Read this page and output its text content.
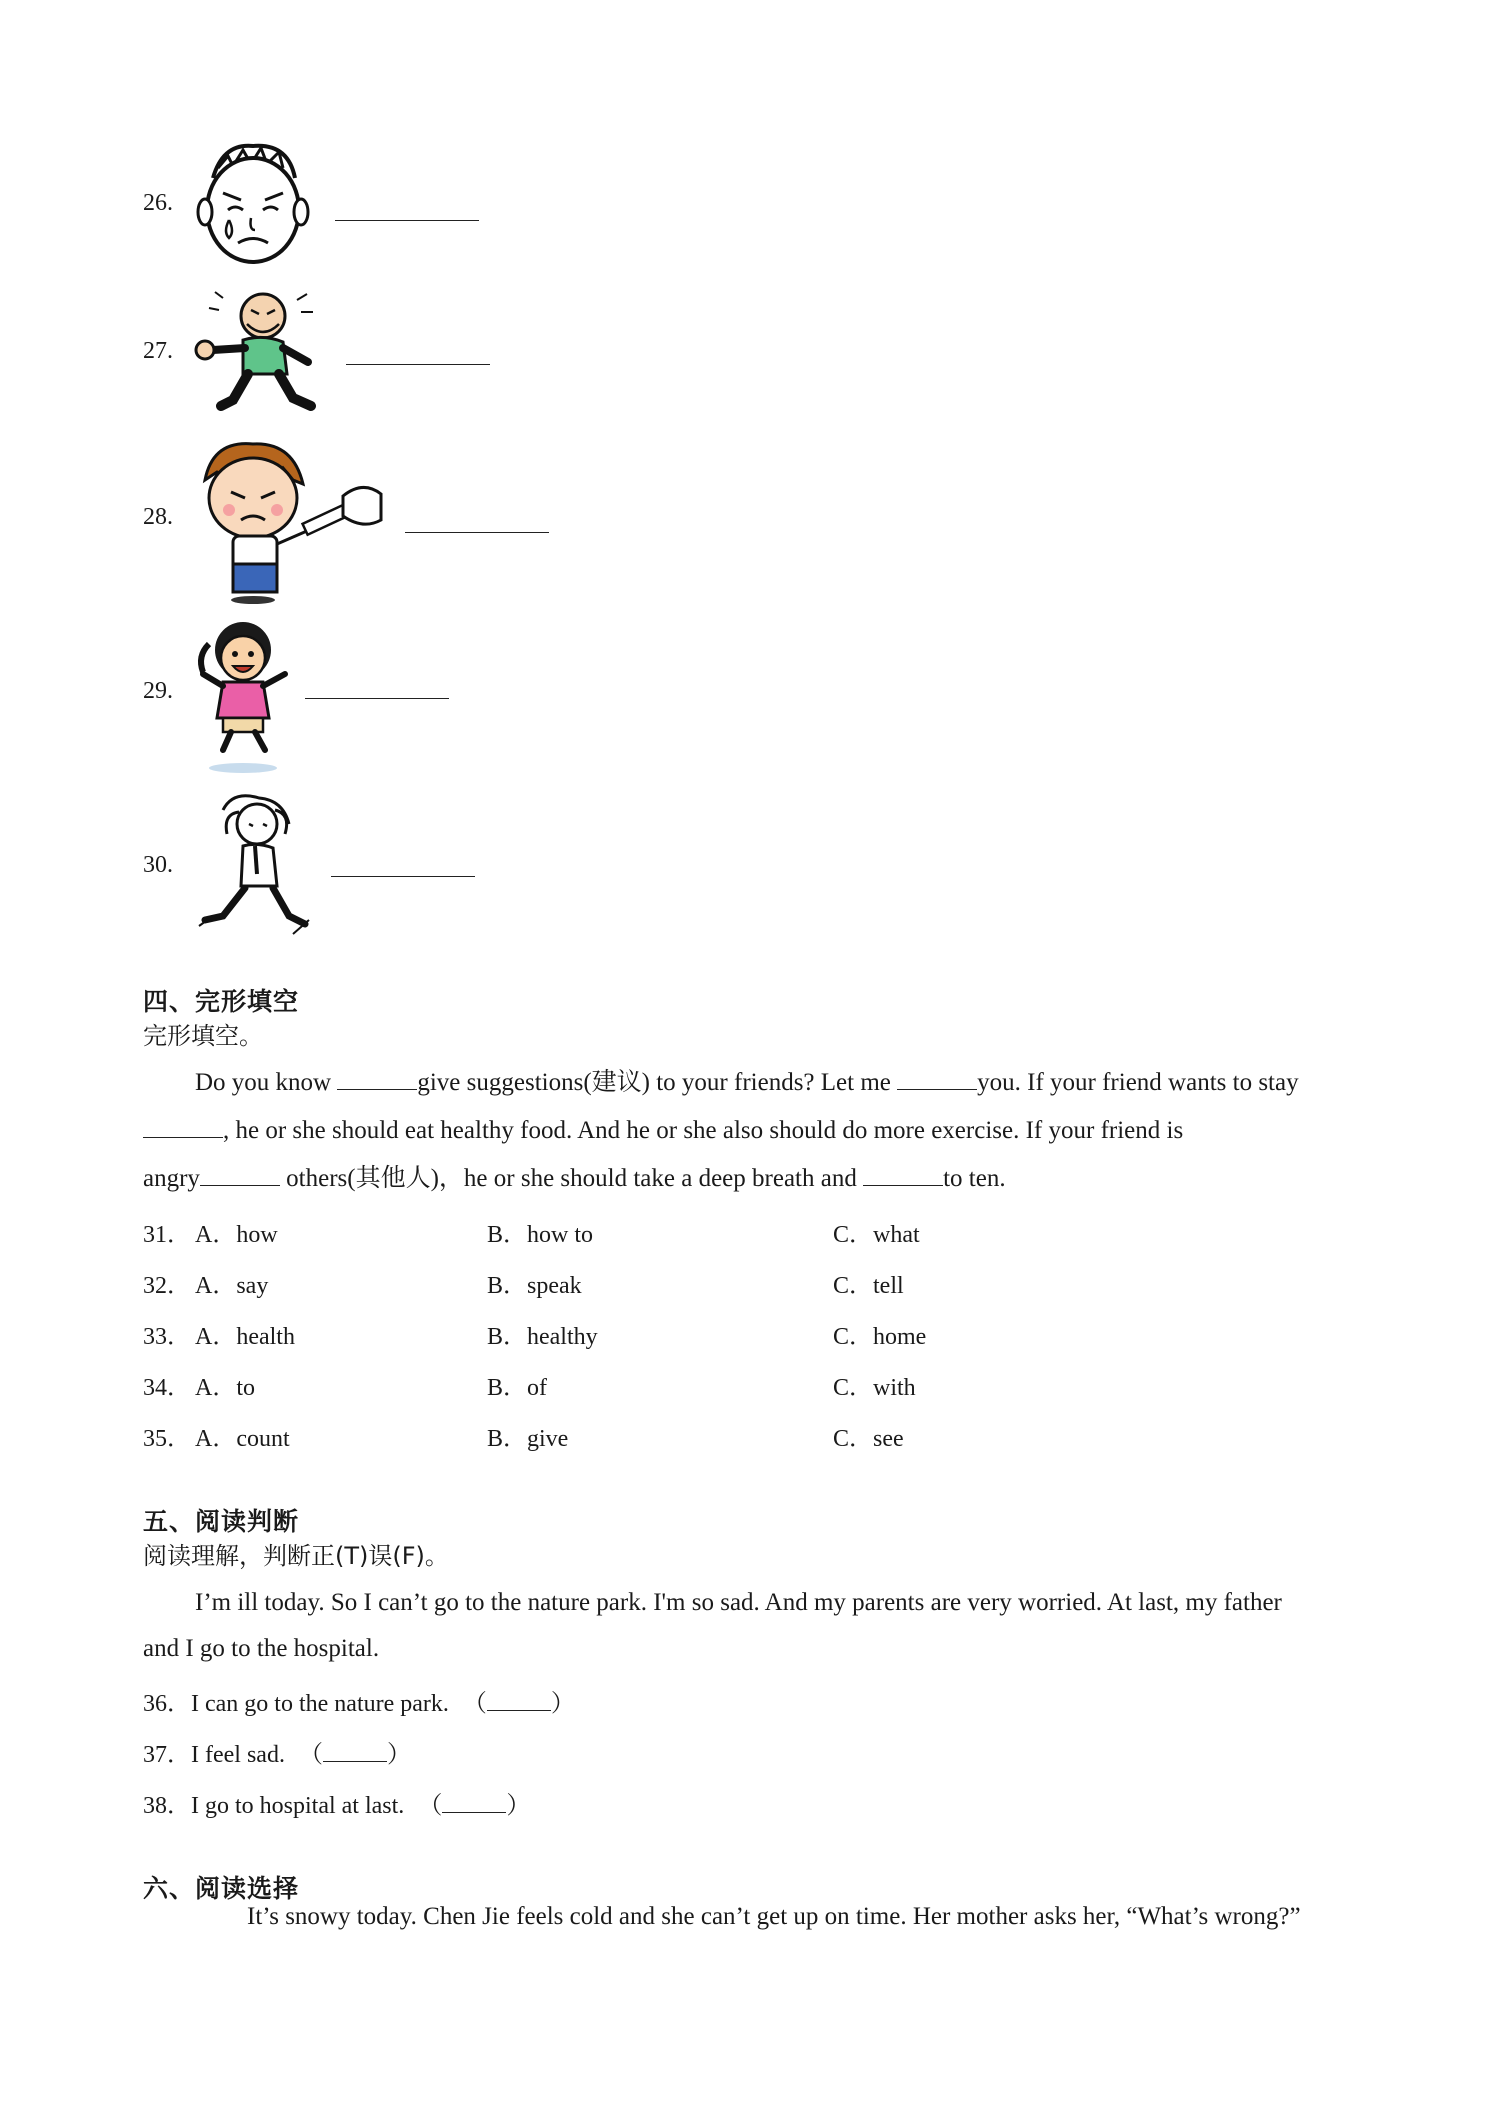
26.
27.
28.
29.
30.
四、完形填空
完形填空。
Do you know	give suggestions(建议) to your friends? Let me	you. If your friend wants to stay
, he or she should eat healthy food. And he or she also should do more exercise. If your friend is
angry	others(其他人)，he or she should take a deep breath and	to ten.
31． A．how	B．how to	C．what
32． A．say	B．speak	C．tell
33． A．health	B．healthy	C．home
34． A．to	B．of	C．with
35． A．count	B．give	C．see
五、阅读判断
阅读理解，判断正(T)误(F)。
I’m ill today. So I can’t go to the nature park. I'm so sad. And my parents are very worried. At last, my father
and I go to the hospital.
36．I can go to the nature park. （	）
37．I feel sad. （	）
38．I go to hospital at last. （	）
六、阅读选择
It’s snowy today. Chen Jie feels cold and she can’t get up on time. Her mother asks her, “What’s wrong?”
